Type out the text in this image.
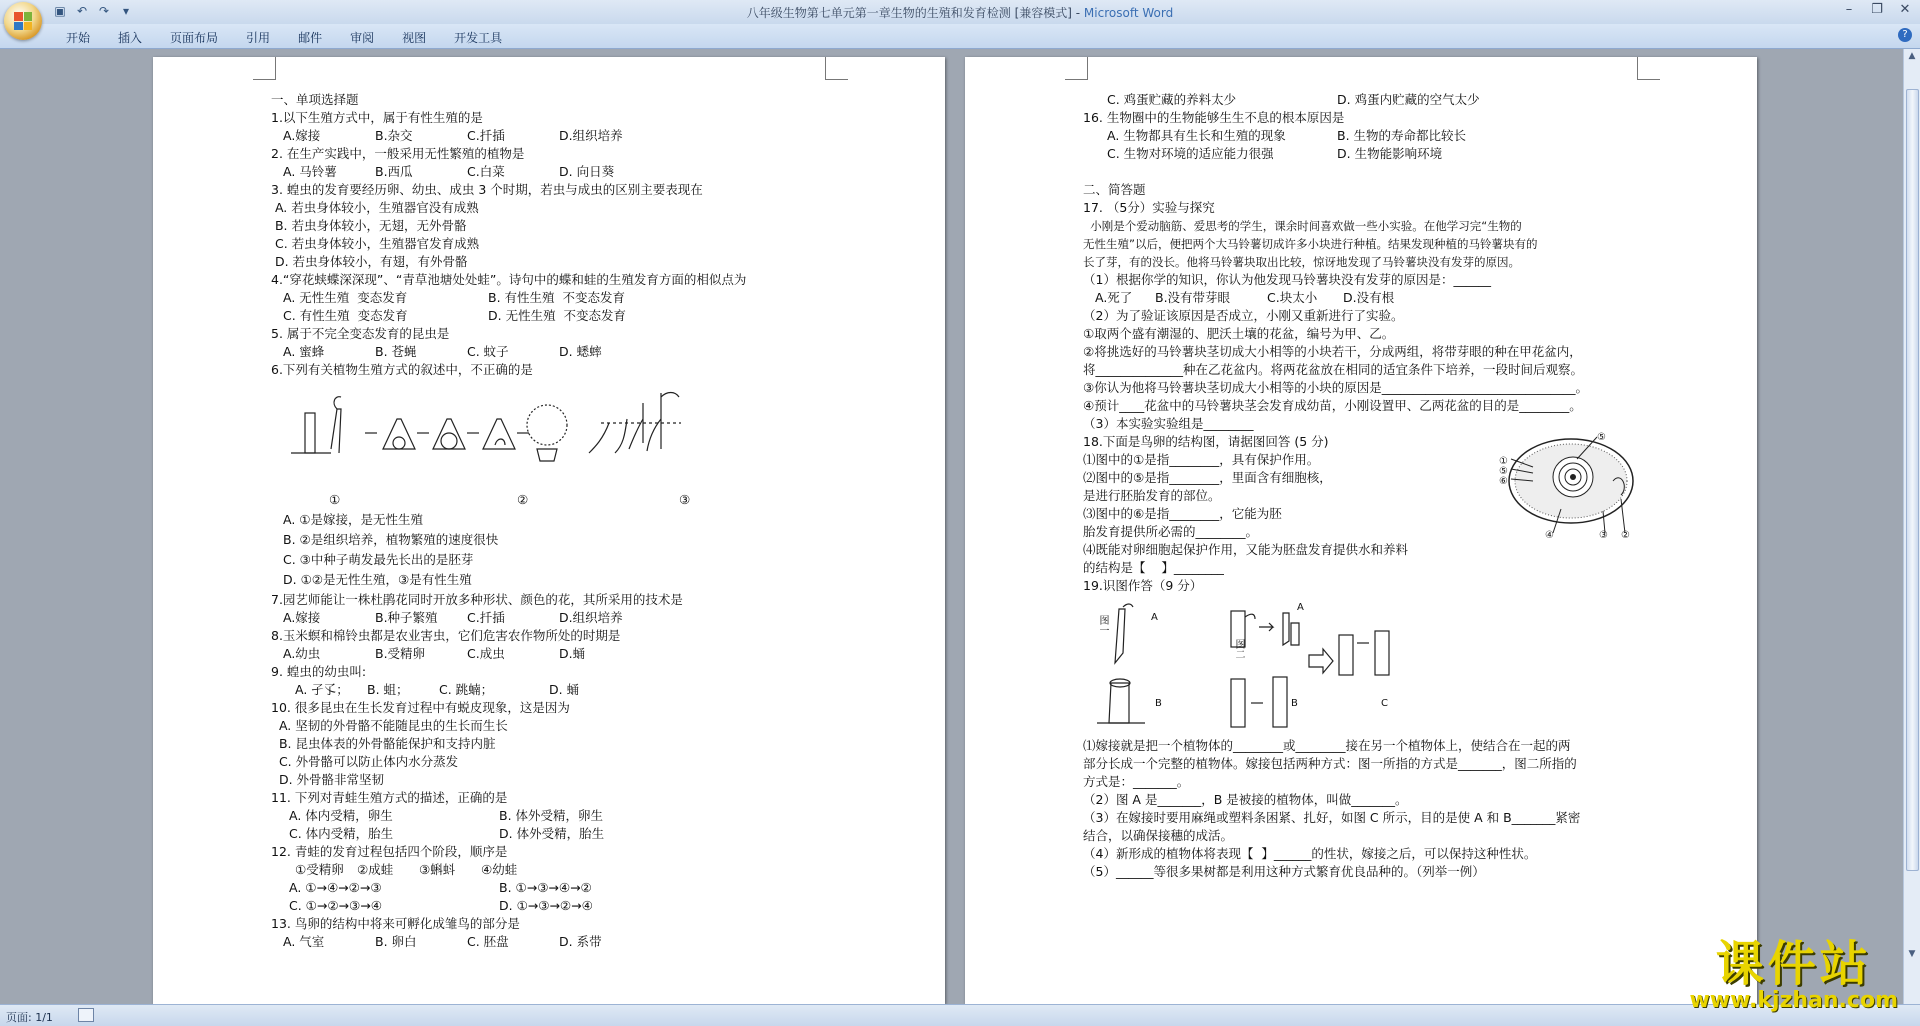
八年级生物第七单元第一章生物的生殖和发育检测 [兼容模式] - Microsoft Word
▣ ↶ ↷	▾	–	❐ ✕
开始	插入	页面布局	引用	邮件	审阅	视图	开发工具	?
一、单项选择题
1.以下生殖方式中，属于有性生殖的是
A.嫁接	B.杂交	C.扦插	D.组织培养
2. 在生产实践中，一般采用无性繁殖的植物是
A. 马铃薯	B.西瓜	C.白菜	D. 向日葵
3. 蝗虫的发育要经历卵、幼虫、成虫 3 个时期，若虫与成虫的区别主要表现在
A. 若虫身体较小，生殖器官没有成熟
B. 若虫身体较小，无翅，无外骨骼
C. 若虫身体较小，生殖器官发育成熟
D. 若虫身体较小，有翅，有外骨骼
4.“穿花蛱蝶深深现”、“青草池塘处处蛙”。诗句中的蝶和蛙的生殖发育方面的相似点为
A. 无性生殖  变态发育	B. 有性生殖  不变态发育
C. 有性生殖  变态发育	D. 无性生殖  不变态发育
5. 属于不完全变态发育的昆虫是
A. 蜜蜂	B. 苍蝇	C. 蚊子	D. 蟋蟀
6.下列有关植物生殖方式的叙述中，不正确的是
①	②	③
A. ①是嫁接，是无性生殖
B. ②是组织培养，植物繁殖的速度很快
C. ③中种子萌发最先长出的是胚芽
D. ①②是无性生殖，③是有性生殖
7.园艺师能让一株杜鹃花同时开放多种形状、颜色的花，其所采用的技术是
A.嫁接	B.种子繁殖	C.扦插	D.组织培养
8.玉米螟和棉铃虫都是农业害虫，它们危害农作物所处的时期是
A.幼虫	B.受精卵	C.成虫	D.蛹
9. 蝗虫的幼虫叫:
A. 孑孓；	B. 蛆；	C. 跳蝻；	D. 蛹
10. 很多昆虫在生长发育过程中有蜕皮现象，这是因为
A. 坚韧的外骨骼不能随昆虫的生长而生长
B. 昆虫体表的外骨骼能保护和支持内脏
C. 外骨骼可以防止体内水分蒸发
D. 外骨骼非常坚韧
11. 下列对青蛙生殖方式的描述，正确的是
A. 体内受精，卵生	B. 体外受精，卵生
C. 体内受精，胎生	D. 体外受精，胎生
12. 青蛙的发育过程包括四个阶段，顺序是
①受精卵	②成蛙	③蝌蚪	④幼蛙
A. ①→④→②→③	B. ①→③→④→②
C. ①→②→③→④	D. ①→③→②→④
13. 鸟卵的结构中将来可孵化成雏鸟的部分是
A. 气室	B. 卵白	C. 胚盘	D. 系带
C. 鸡蛋贮藏的养料太少	D. 鸡蛋内贮藏的空气太少
16. 生物圈中的生物能够生生不息的根本原因是
A. 生物都具有生长和生殖的现象	B. 生物的寿命都比较长
C. 生物对环境的适应能力很强	D. 生物能影响环境
二、简答题
17. （5分）实验与探究
小刚是个爱动脑筋、爱思考的学生，课余时间喜欢做一些小实验。在他学习完“生物的
无性生殖”以后，便把两个大马铃薯切成许多小块进行种植。结果发现种植的马铃薯块有的
长了芽，有的没长。他将马铃薯块取出比较，惊讶地发现了马铃薯块没有发芽的原因。
（1）根据你学的知识，你认为他发现马铃薯块没有发芽的原因是：______
A.死了	B.没有带芽眼	C.块太小	D.没有根
（2）为了验证该原因是否成立，小刚又重新进行了实验。
①取两个盛有潮湿的、肥沃土壤的花盆，编号为甲、乙。
②将挑选好的马铃薯块茎切成大小相等的小块若干，分成两组，将带芽眼的种在甲花盆内，
将______________种在乙花盆内。将两花盆放在相同的适宜条件下培养，一段时间后观察。
③你认为他将马铃薯块茎切成大小相等的小块的原因是_______________________________。
④预计____花盆中的马铃薯块茎会发育成幼苗，小刚设置甲、乙两花盆的目的是________。
（3）本实验实验组是________
18.下面是鸟卵的结构图，请据图回答 (5 分)
⑴图中的①是指________，具有保护作用。
⑵图中的⑤是指________，里面含有细胞核，
是进行胚胎发育的部位。
⑶图中的⑥是指________，它能为胚
胎发育提供所必需的________。
⑷既能对卵细胞起保护作用，又能为胚盘发育提供水和养料
的结构是【    】________
①
⑤
⑥
⑤
④	③ ②
19.识图作答（9 分）
图一
图二
A
B
A
B	C
⑴嫁接就是把一个植物体的________或________接在另一个植物体上，使结合在一起的两
部分长成一个完整的植物体。嫁接包括两种方式：图一所指的方式是_______，图二所指的
方式是：_______。
（2）图 A 是_______，B 是被接的植物体，叫做_______。
（3）在嫁接时要用麻绳或塑料条困紧、扎好，如图 C 所示，目的是使 A 和 B_______紧密
结合，以确保接穗的成活。
（4）新形成的植物体将表现【  】______的性状，嫁接之后，可以保持这种性状。
（5）______等很多果树都是利用这种方式繁育优良品种的。（列举一例）
▲
▼
页面: 1/1
课件站
www.kjzhan.com
